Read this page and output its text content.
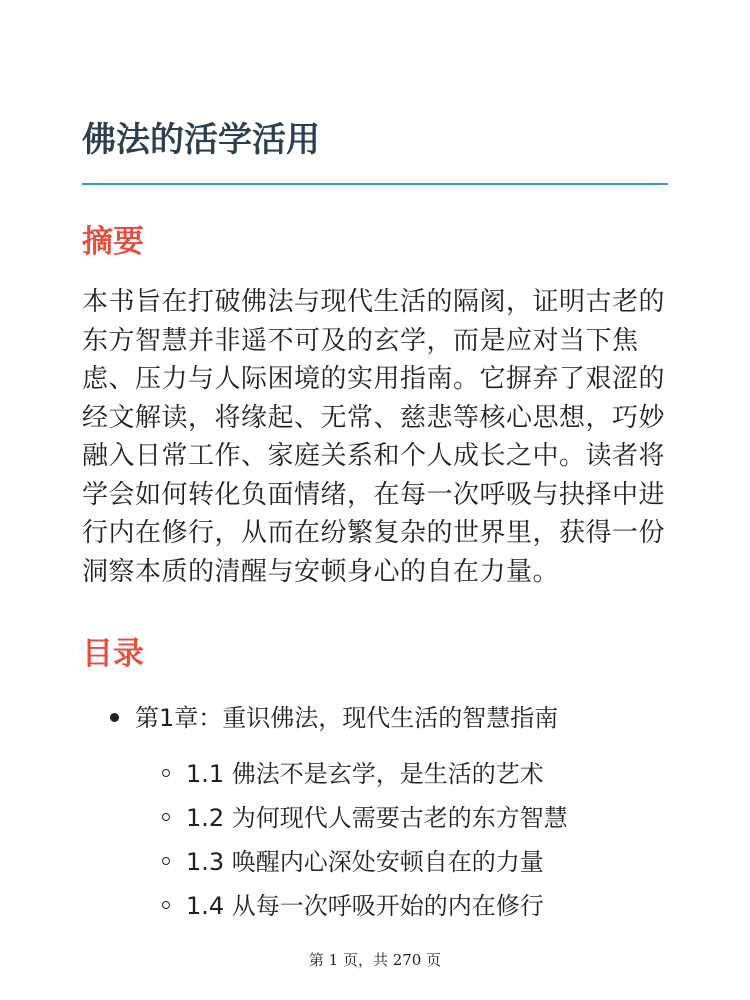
佛法的活学活用
摘要

本书旨在打破佛法与现代生活的隔阂，证明古老的东方智慧并非遥不可及的玄学，而是应对当下焦虑、压力与人际困境的实用指南。它摒弃了艰涩的经文解读，将缘起、无常、慈悲等核心思想，巧妙融入日常工作、家庭关系和个人成长之中。读者将学会如何转化负面情绪，在每一次呼吸与抉择中进行内在修行，从而在纷繁复杂的世界里，获得一份洞察本质的清醒与安顿身心的自在力量。

目录
第1章：重识佛法，现代生活的智慧指南
1.1 佛法不是玄学，是生活的艺术
1.2 为何现代人需要古老的东方智慧
1.3 唤醒内心深处安顿自在的力量
1.4 从每一次呼吸开始的内在修行
第 1 页，共 270 页
